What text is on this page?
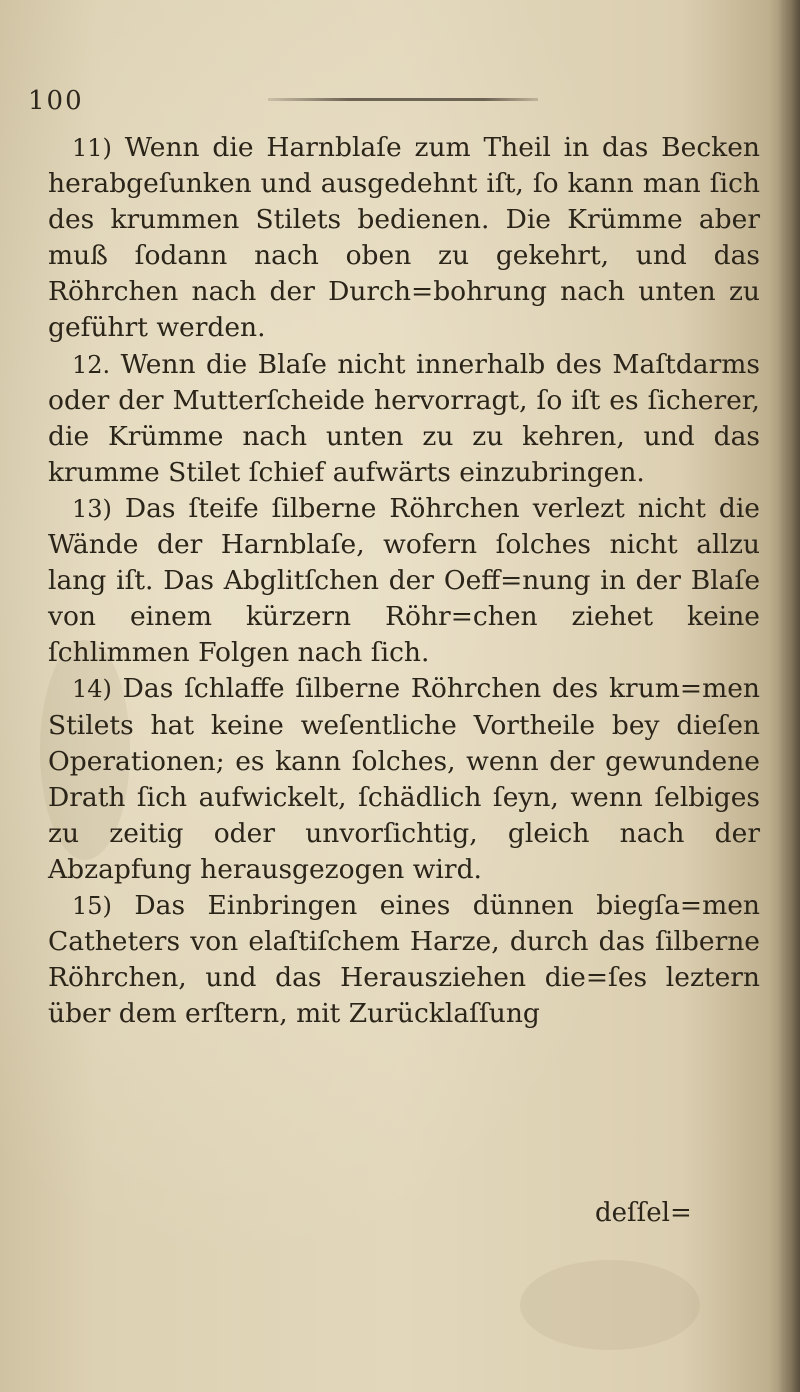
100

11) Wenn die Harnblaſe zum Theil in das Becken herabgeſunken und ausgedehnt iſt, ſo kann man ſich des krummen Stilets bedienen. Die Krümme aber muß ſodann nach oben zu gekehrt, und das Röhrchen nach der Durch=bohrung nach unten zu geführt werden.

12. Wenn die Blaſe nicht innerhalb des Maſtdarms oder der Mutterſcheide hervorragt, ſo iſt es ſicherer, die Krümme nach unten zu zu kehren, und das krumme Stilet ſchief aufwärts einzubringen.

13) Das ſteife ſilberne Röhrchen verlezt nicht die Wände der Harnblaſe, wofern ſolches nicht allzu lang iſt. Das Abglitſchen der Oeff=nung in der Blaſe von einem kürzern Röhr=chen ziehet keine ſchlimmen Folgen nach ſich.

14) Das ſchlaffe ſilberne Röhrchen des krum=men Stilets hat keine weſentliche Vortheile bey dieſen Operationen; es kann ſolches, wenn der gewundene Drath ſich aufwickelt, ſchädlich ſeyn, wenn ſelbiges zu zeitig oder unvorſichtig, gleich nach der Abzapfung herausgezogen wird.

15) Das Einbringen eines dünnen biegſa=men Catheters von elaſtiſchem Harze, durch das ſilberne Röhrchen, und das Herausziehen die=ſes leztern über dem erſtern, mit Zurücklaſſung

deſſel=
